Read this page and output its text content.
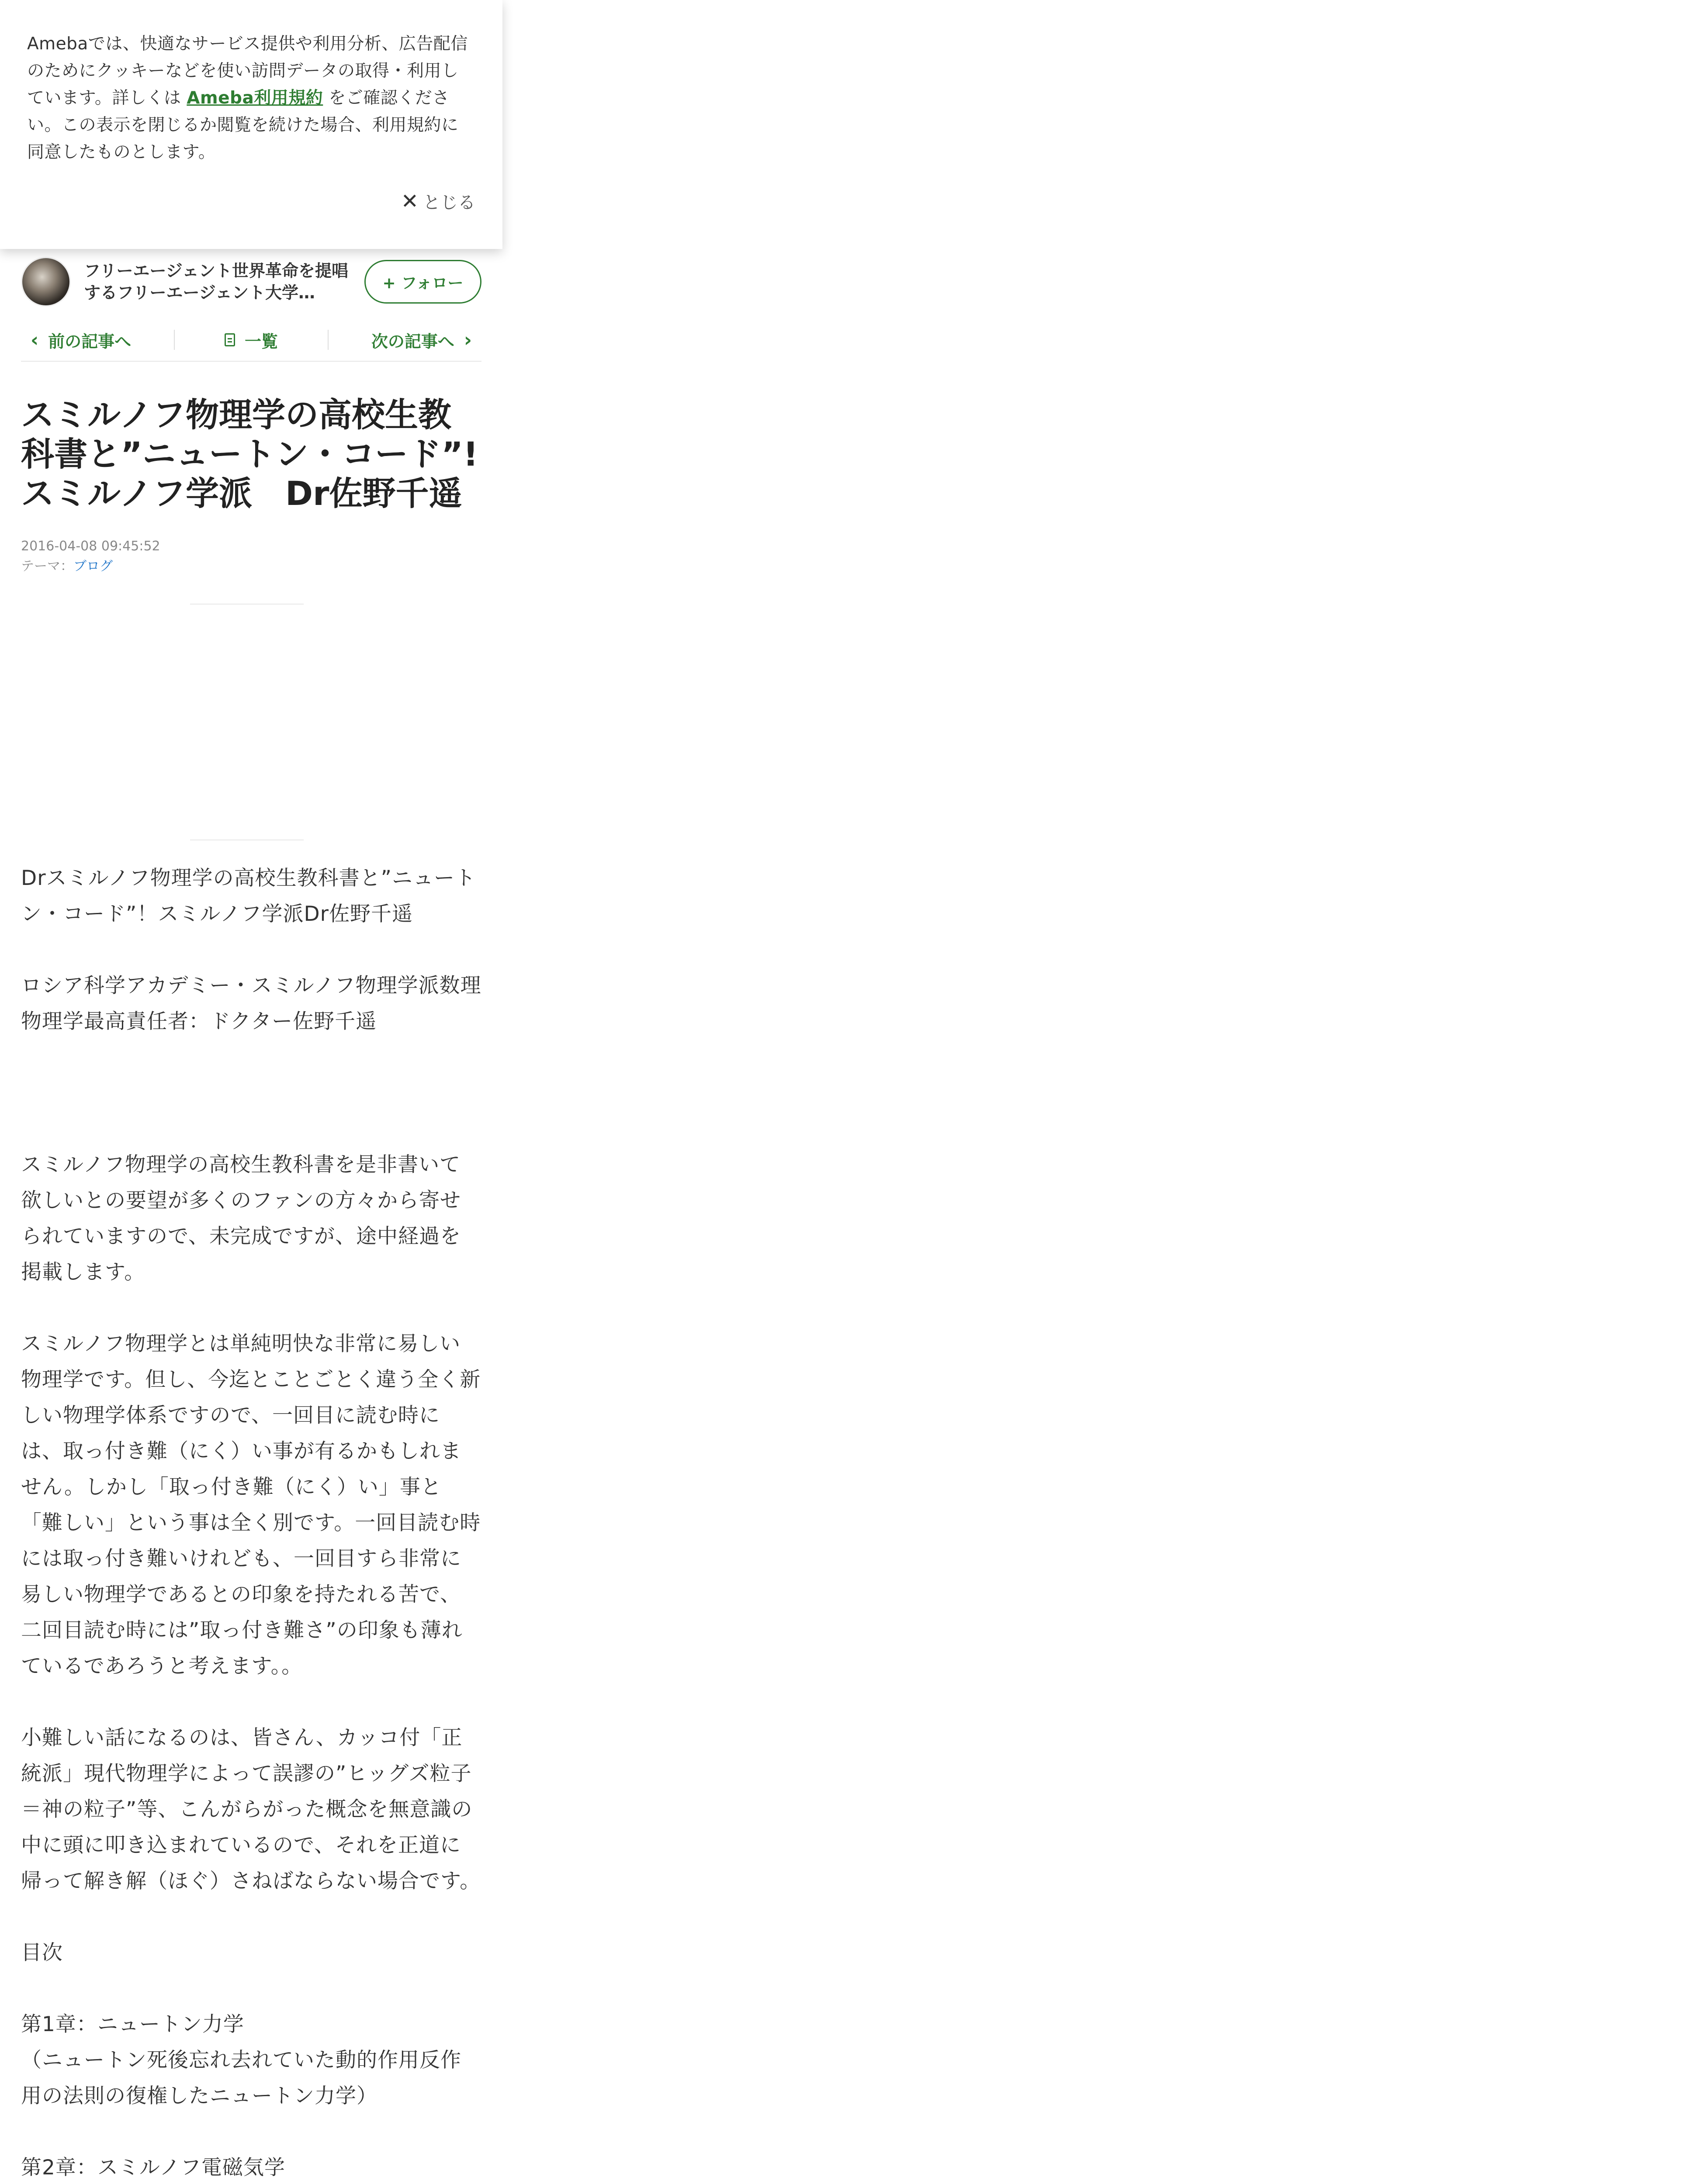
Amebaでは、快適なサービス提供や利用分析、広告配信のためにクッキーなどを使い訪問データの取得・利用しています。詳しくは Ameba利用規約 をご確認ください。この表示を閉じるか閲覧を続けた場合、利用規約に同意したものとします。
✕ とじる
フリーエージェント世界革命を提唱するフリーエージェント大学…	+ フォロー
‹ 前の記事へ	一覧	次の記事へ ›
スミルノフ物理学の高校生教科書と”ニュートン・コード”!スミルノフ学派　Dr佐野千遥
2016-04-08 09:45:52
テーマ：ブログ

Drスミルノフ物理学の高校生教科書と”ニュートン・コード”！スミルノフ学派Dr佐野千遥

ロシア科学アカデミー・スミルノフ物理学派数理物理学最高責任者：ドクター佐野千遥

スミルノフ物理学の高校生教科書を是非書いて欲しいとの要望が多くのファンの方々から寄せられていますので、未完成ですが、途中経過を掲載します。

スミルノフ物理学とは単純明快な非常に易しい物理学です。但し、今迄とことごとく違う全く新しい物理学体系ですので、一回目に読む時には、取っ付き難（にく）い事が有るかもしれません。しかし「取っ付き難（にく）い」事と「難しい」という事は全く別です。一回目読む時には取っ付き難いけれども、一回目すら非常に易しい物理学であるとの印象を持たれる苦で、二回目読む時には”取っ付き難さ”の印象も薄れているであろうと考えます。。

小難しい話になるのは、皆さん、カッコ付「正統派」現代物理学によって誤謬の”ヒッグズ粒子＝神の粒子”等、こんがらがった概念を無意識の中に頭に叩き込まれているので、それを正道に帰って解き解（ほぐ）さねばならない場合です。

目次

第1章：ニュートン力学
（ニュートン死後忘れ去れていた動的作用反作用の法則の復権したニュートン力学）

第2章：スミルノフ電磁気学
